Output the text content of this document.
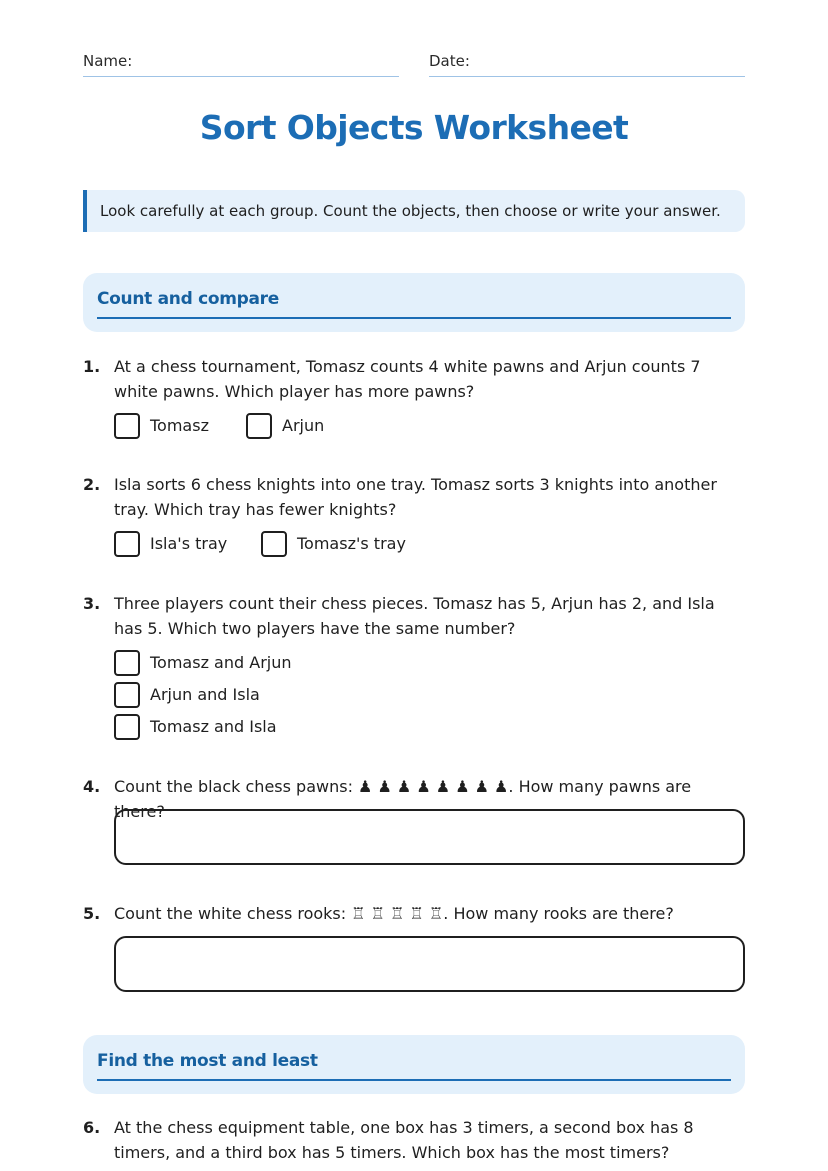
Name:	Date:
Sort Objects Worksheet
Look carefully at each group. Count the objects, then choose or write your answer.
Count and compare
1. At a chess tournament, Tomasz counts 4 white pawns and Arjun counts 7 white pawns. Which player has more pawns?
Tomasz	Arjun
2. Isla sorts 6 chess knights into one tray. Tomasz sorts 3 knights into another tray. Which tray has fewer knights?
Isla's tray	Tomasz's tray
3. Three players count their chess pieces. Tomasz has 5, Arjun has 2, and Isla has 5. Which two players have the same number?
Tomasz and Arjun
Arjun and Isla
Tomasz and Isla
4. Count the black chess pawns: ♟ ♟ ♟ ♟ ♟ ♟ ♟ ♟. How many pawns are there?
5. Count the white chess rooks: ♖ ♖ ♖ ♖ ♖. How many rooks are there?
Find the most and least
6. At the chess equipment table, one box has 3 timers, a second box has 8 timers, and a third box has 5 timers. Which box has the most timers?
